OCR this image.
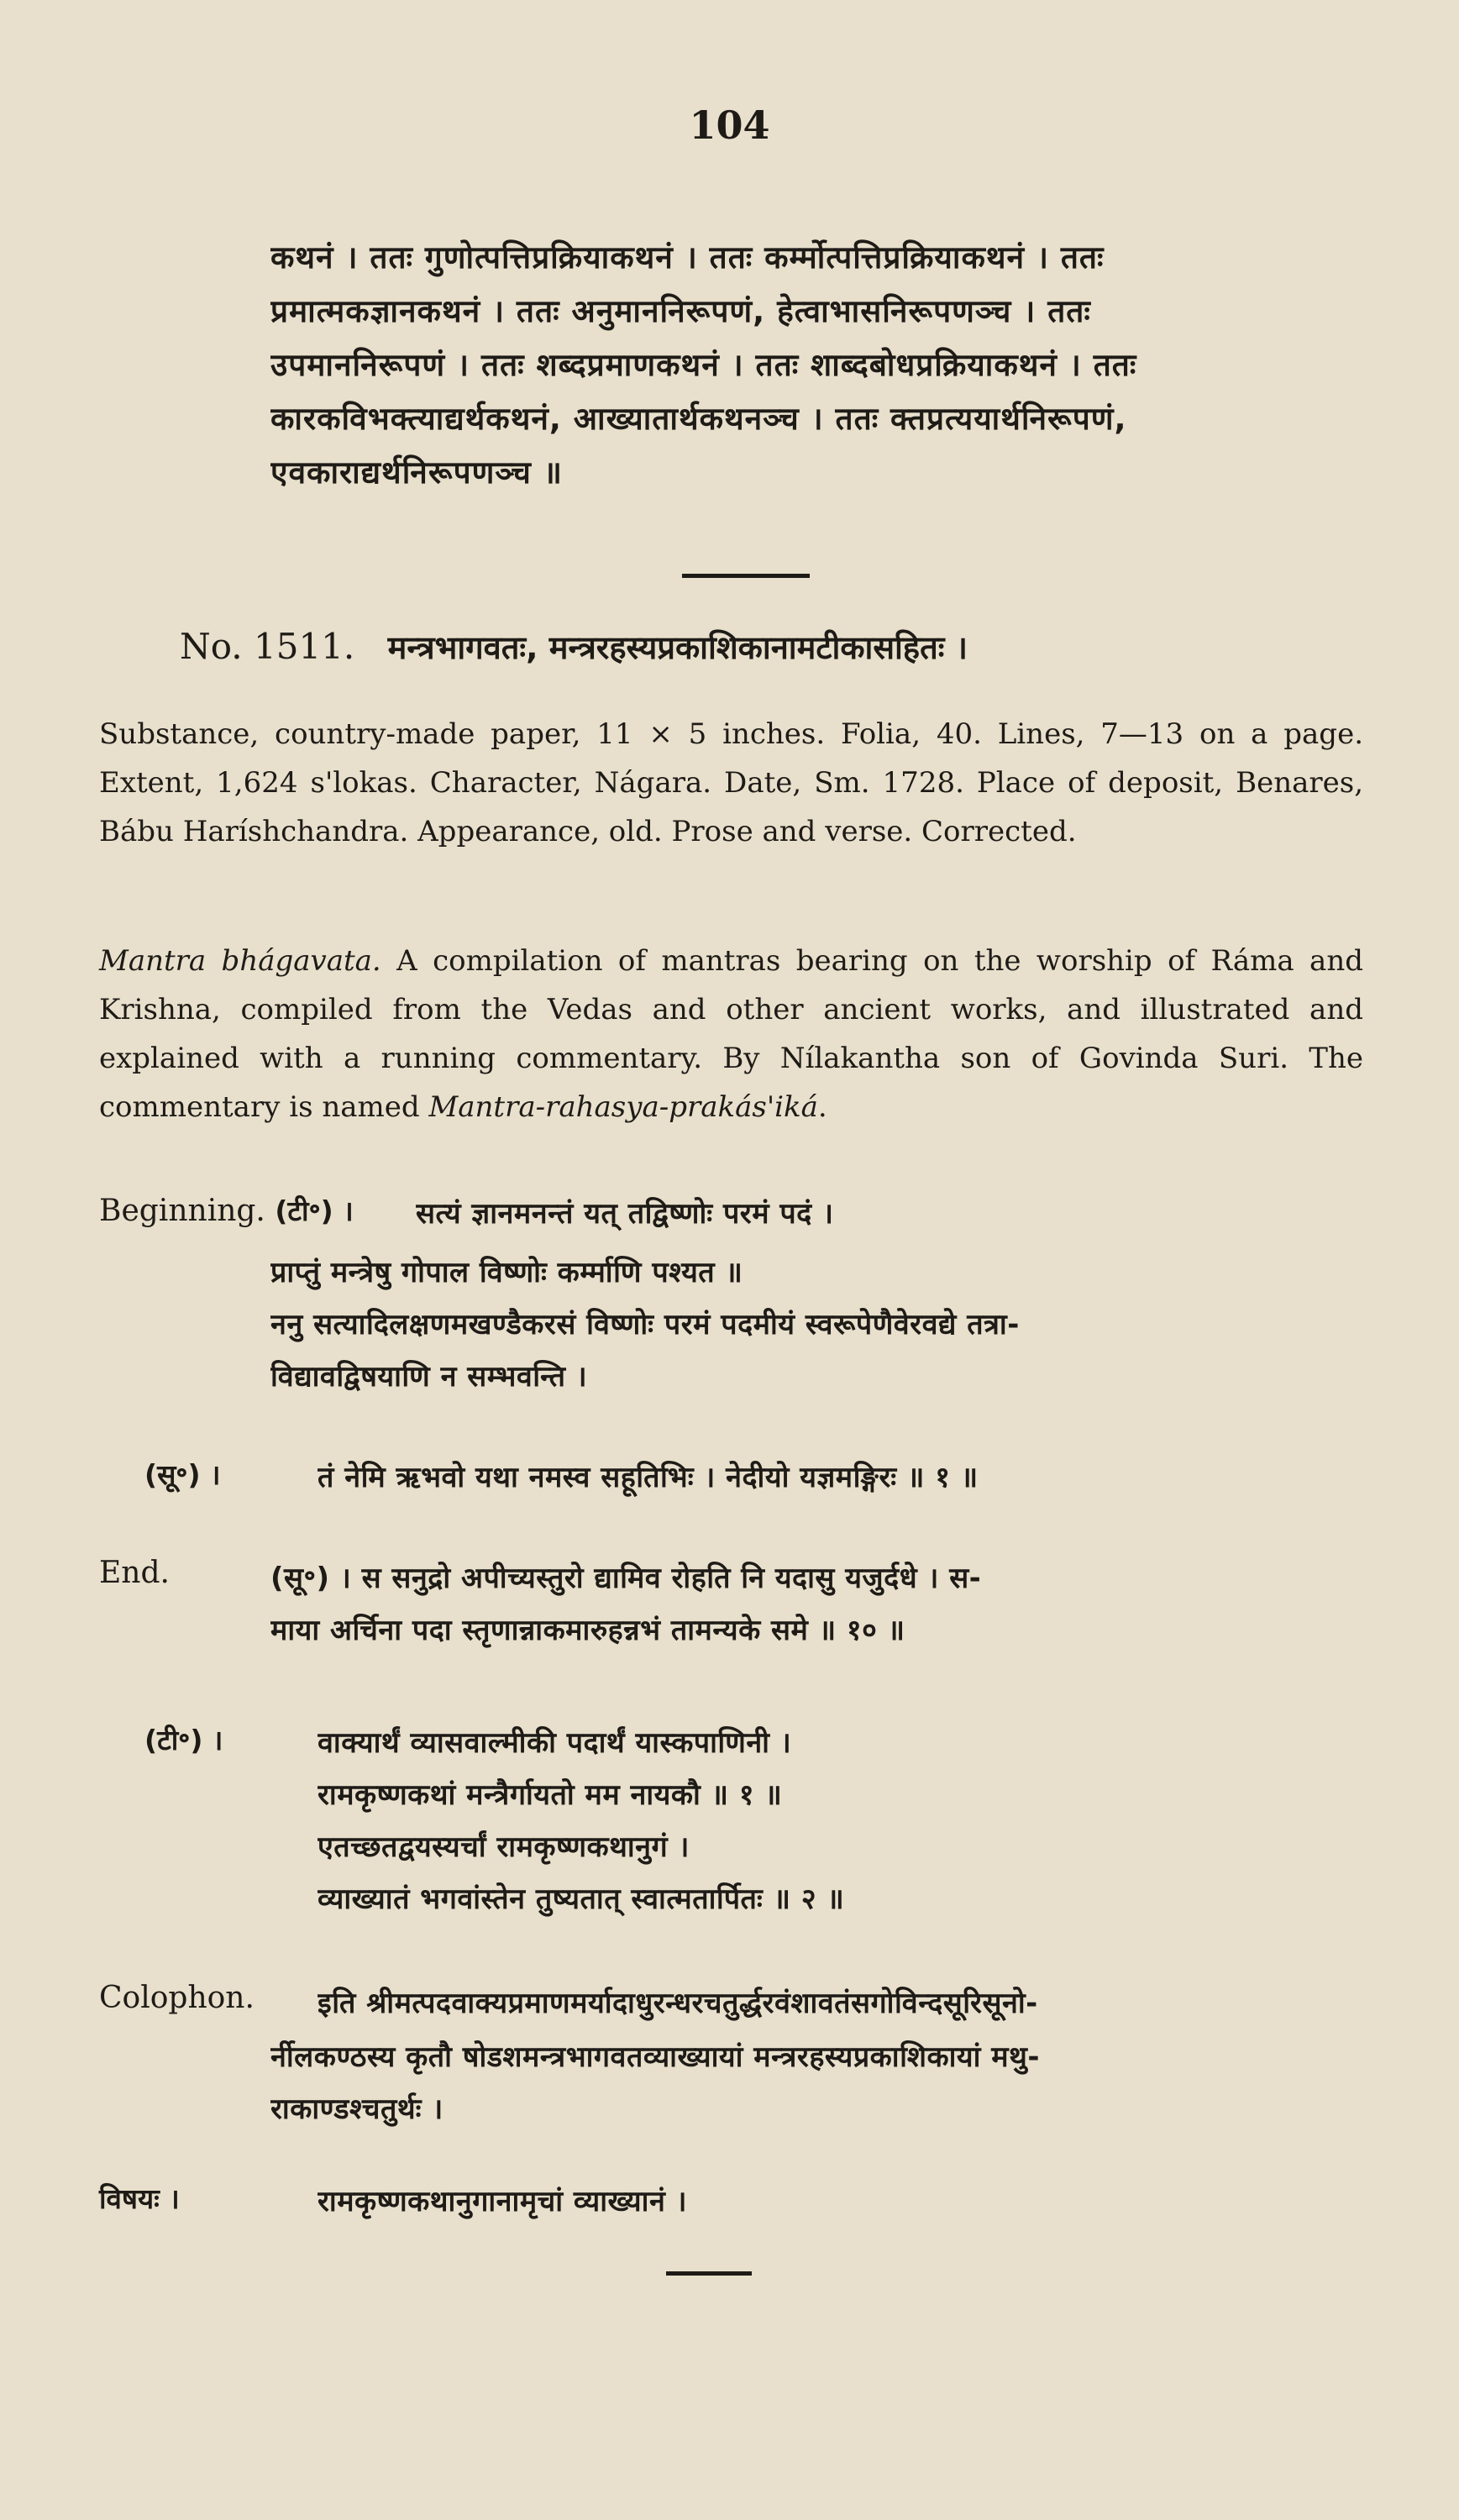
104
कथनं । ततः गुणोत्पत्तिप्रक्रियाकथनं । ततः कर्म्मोत्पत्तिप्रक्रियाकथनं । ततः
प्रमात्मकज्ञानकथनं । ततः अनुमाननिरूपणं, हेत्वाभासनिरूपणञ्च । ततः
उपमाननिरूपणं । ततः शब्दप्रमाणकथनं । ततः शाब्दबोधप्रक्रियाकथनं । ततः
कारकविभक्त्याद्यर्थकथनं, आख्यातार्थकथनञ्च । ततः क्तप्रत्ययार्थनिरूपणं,
एवकाराद्यर्थनिरूपणञ्च ॥
No. 1511. मन्त्रभागवतः, मन्त्ररहस्यप्रकाशिकानामटीकासहितः ।
Substance, country-made paper, 11 × 5 inches. Folia, 40. Lines, 7—13 on a page. Extent, 1,624 s'lokas. Character, Nágara. Date, Sm. 1728. Place of deposit, Benares, Bábu Haríshchandra. Appearance, old. Prose and verse. Corrected.
Mantra bhágavata. A compilation of mantras bearing on the worship of Ráma and Krishna, compiled from the Vedas and other ancient works, and illustrated and explained with a running commentary. By Nílakantha son of Govinda Suri. The commentary is named Mantra-rahasya-prakás'iká.
Beginning. (टी॰) । सत्यं ज्ञानमनन्तं यत् तद्विष्णोः परमं पदं ।
प्राप्तुं मन्त्रेषु गोपाल विष्णोः कर्म्माणि पश्यत ॥
ननु सत्यादिलक्षणमखण्डैकरसं विष्णोः परमं पदमीयं स्वरूपेणैवेरवद्ये तत्रा-
विद्यावद्विषयाणि न सम्भवन्ति ।
(सू॰) ।	तं नेमि ऋभवो यथा नमस्व सहूतिभिः । नेदीयो यज्ञमङ्गिरः ॥ १ ॥
End.	(सू॰) । स सनुद्रो अपीच्यस्तुरो द्यामिव रोहति नि यदासु यजुर्दधे । स-
माया अर्चिना पदा स्तृणान्नाकमारुहन्नभं तामन्यके समे ॥ १० ॥
(टी॰) ।	वाक्यार्थं व्यासवाल्मीकी पदार्थं यास्कपाणिनी ।
रामकृष्णकथां मन्त्रैर्गायतो मम नायकौ ॥ १ ॥
एतच्छतद्वयस्यर्चां रामकृष्णकथानुगं ।
व्याख्यातं भगवांस्तेन तुष्यतात् स्वात्मतार्पितः ॥ २ ॥
Colophon. इति श्रीमत्पदवाक्यप्रमाणमर्यादाधुरन्धरचतुर्द्धरवंशावतंसगोविन्दसूरिसूनो-
र्नीलकण्ठस्य कृतौ षोडशमन्त्रभागवतव्याख्यायां मन्त्ररहस्यप्रकाशिकायां मथु-
राकाण्डश्चतुर्थः ।
विषयः ।	रामकृष्णकथानुगानामृचां व्याख्यानं ।
